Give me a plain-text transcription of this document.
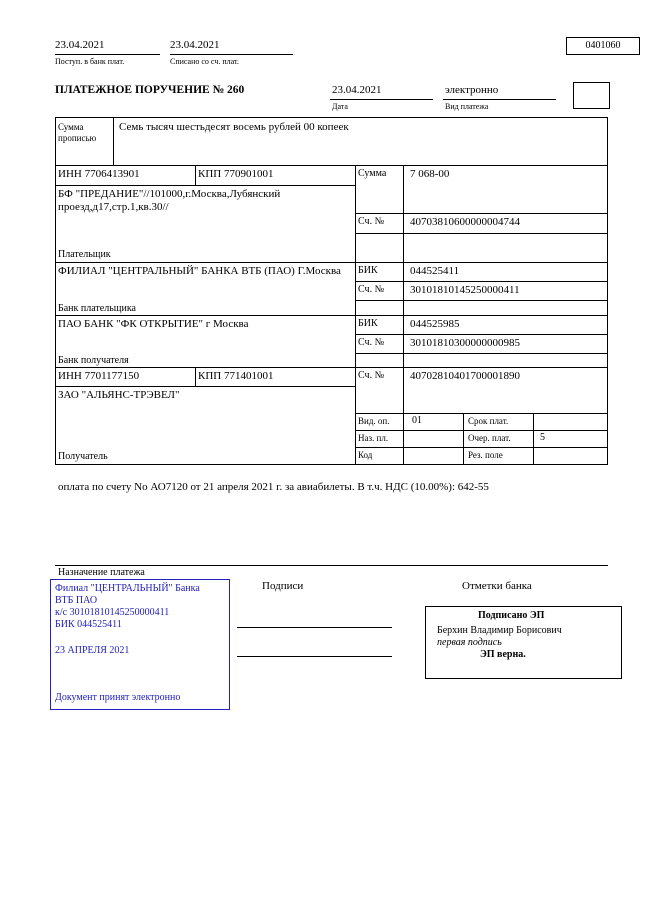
23.04.2021
Поступ. в банк плат.
23.04.2021
Списано со сч. плат.
0401060
ПЛАТЕЖНОЕ ПОРУЧЕНИЕ № 260	23.04.2021
Дата
электронно
Вид платежа
Сумма прописью
Семь тысяч шестьдесят восемь рублей 00 копеек
ИНН 7706413901	КПП 770901001	Сумма 7 068-00
БФ "ПРЕДАНИЕ"//101000,г.Москва,Лубянский проезд,д17,стр.1,кв.30//
Сч. № 40703810600000004744
Плательщик
ФИЛИАЛ "ЦЕНТРАЛЬНЫЙ" БАНКА ВТБ (ПАО) Г.Москва	БИК	044525411
Сч. № 30101810145250000411
Банк плательщика
ПАО БАНК "ФК ОТКРЫТИЕ" г Москва	БИК	044525985
Сч. № 30101810300000000985
Банк получателя
ИНН 7701177150	КПП 771401001	Сч. № 40702810401700001890
ЗАО "АЛЬЯНС-ТРЭВЕЛ"
Вид. оп. 01	Срок плат.
Наз. пл.	Очер. плат.	5
Код	Рез. поле
Получатель
оплата по счету No АО7120 от 21 апреля 2021 г. за авиабилеты. В т.ч. НДС (10.00%): 642-55
Назначение платежа
Филиал "ЦЕНТРАЛЬНЫЙ" Банка
ВТБ ПАО
к/с 30101810145250000411
БИК 044525411
23 АПРЕЛЯ 2021
Документ принят электронно
Подписи	Отметки банка
Подписано ЭП
Берхин Владимир Борисович
первая подпись
ЭП верна.
